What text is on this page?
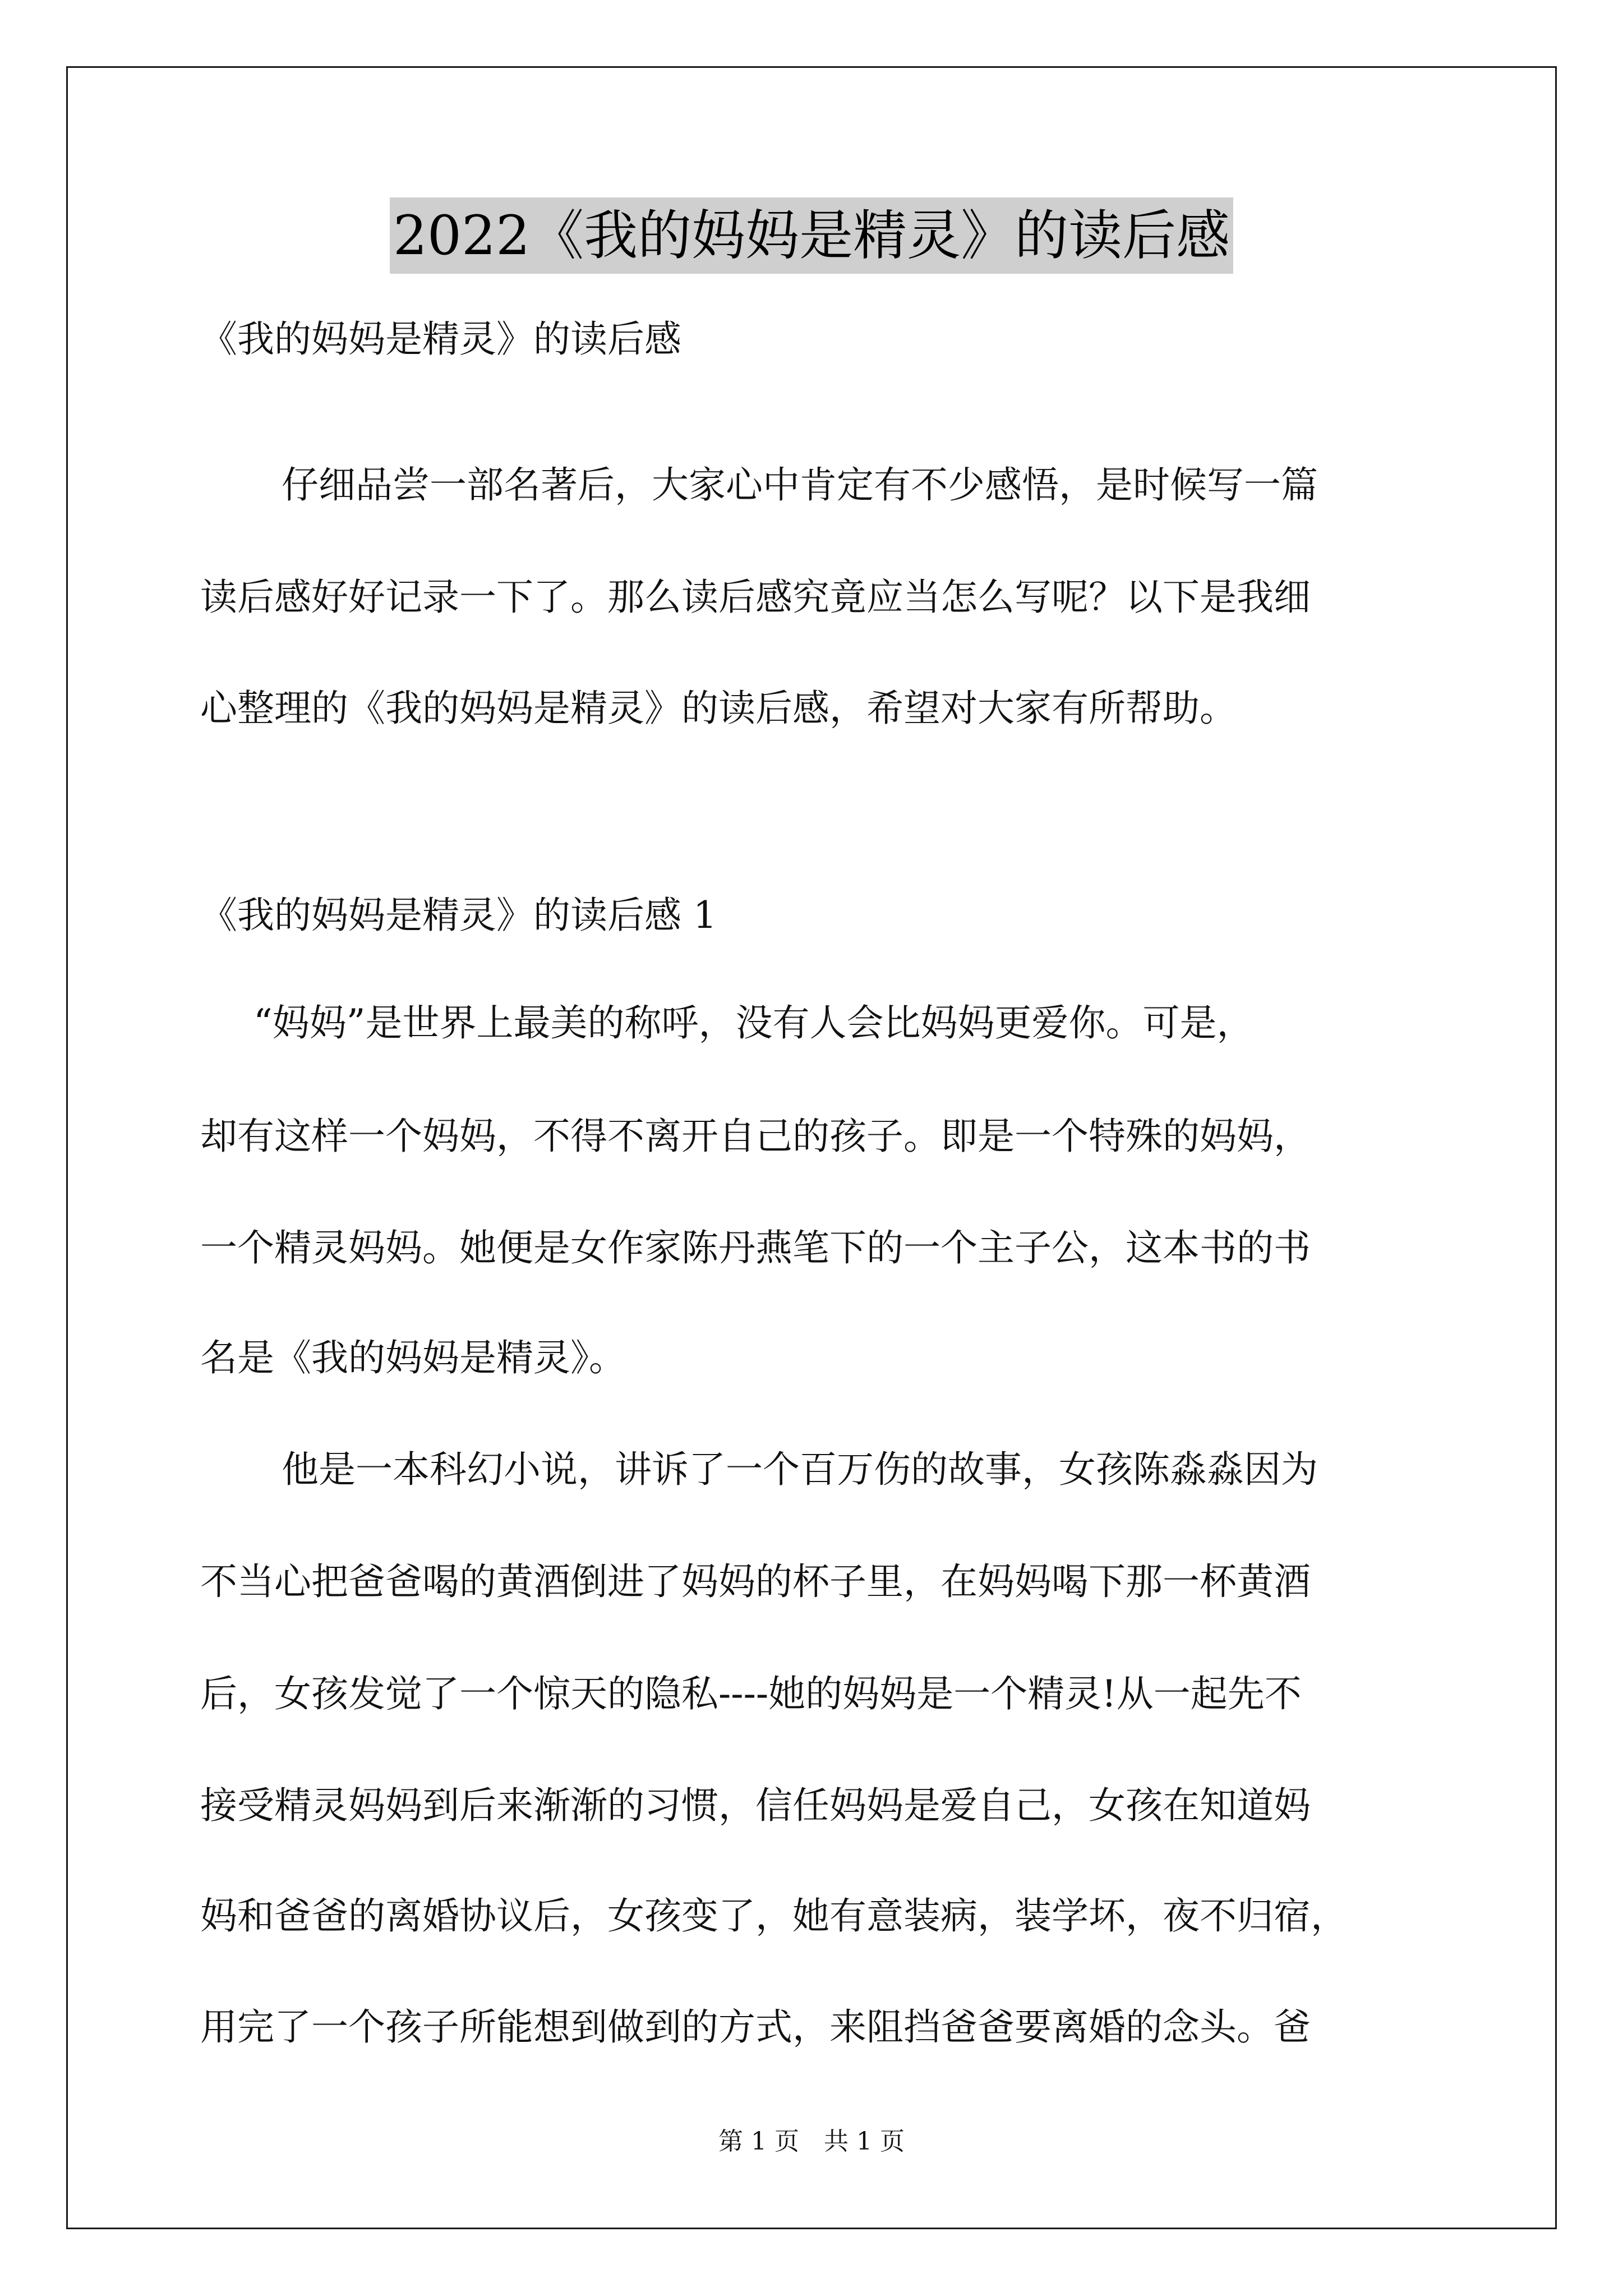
2022《我的妈妈是精灵》的读后感
《我的妈妈是精灵》的读后感
仔细品尝一部名著后，大家心中肯定有不少感悟，是时候写一篇
读后感好好记录一下了。那么读后感究竟应当怎么写呢？以下是我细
心整理的《我的妈妈是精灵》的读后感，希望对大家有所帮助。
《我的妈妈是精灵》的读后感 1
“妈妈”是世界上最美的称呼，没有人会比妈妈更爱你。可是，
却有这样一个妈妈，不得不离开自己的孩子。即是一个特殊的妈妈，
一个精灵妈妈。她便是女作家陈丹燕笔下的一个主子公，这本书的书
名是《我的妈妈是精灵》。
他是一本科幻小说，讲诉了一个百万伤的故事，女孩陈淼淼因为
不当心把爸爸喝的黄酒倒进了妈妈的杯子里，在妈妈喝下那一杯黄酒
后，女孩发觉了一个惊天的隐私----她的妈妈是一个精灵!从一起先不
接受精灵妈妈到后来渐渐的习惯，信任妈妈是爱自己，女孩在知道妈
妈和爸爸的离婚协议后，女孩变了，她有意装病，装学坏，夜不归宿，
用完了一个孩子所能想到做到的方式，来阻挡爸爸要离婚的念头。爸
第 1 页　共 1 页
